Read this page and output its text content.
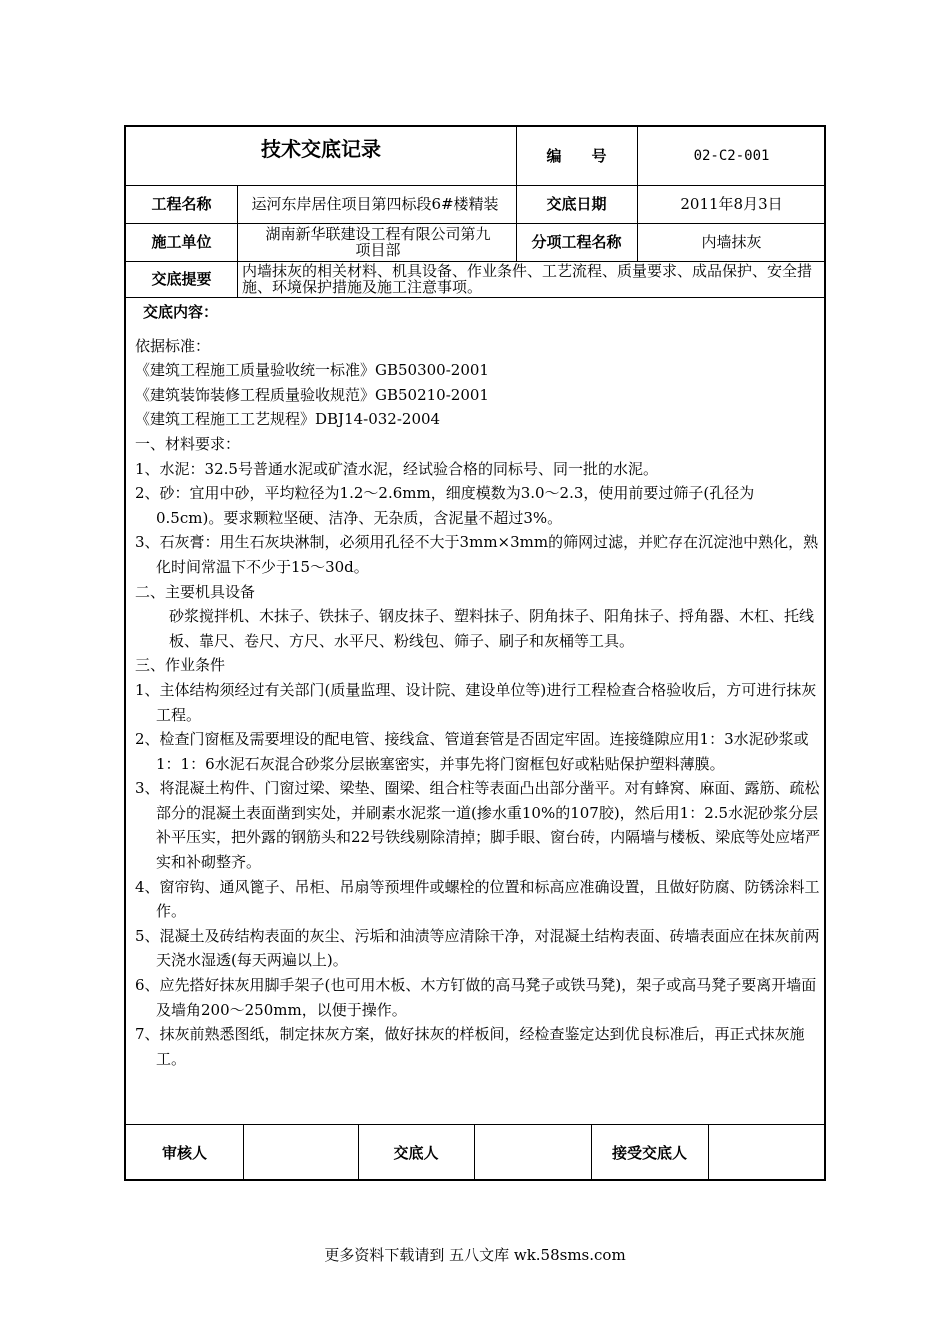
技术交底记录	编　　号	02-C2-001
工程名称	运河东岸居住项目第四标段6#楼精装	交底日期	2011年8月3日
施工单位	湖南新华联建设工程有限公司第九项目部	分项工程名称	内墙抹灰
交底提要	内墙抹灰的相关材料、机具设备、作业条件、工艺流程、质量要求、成品保护、安全措施、环境保护措施及施工注意事项。

交底内容：

依据标准：

《建筑工程施工质量验收统一标准》GB50300-2001

《建筑装饰装修工程质量验收规范》GB50210-2001

《建筑工程施工工艺规程》DBJ14-032-2004

一、材料要求：

1、水泥：32.5号普通水泥或矿渣水泥，经试验合格的同标号、同一批的水泥。

2、砂：宜用中砂，平均粒径为1.2～2.6mm，细度模数为3.0～2.3，使用前要过筛子(孔径为0.5cm)。要求颗粒坚硬、洁净、无杂质，含泥量不超过3%。

3、石灰膏：用生石灰块淋制，必须用孔径不大于3mm×3mm的筛网过滤，并贮存在沉淀池中熟化，熟化时间常温下不少于15～30d。

二、主要机具设备

砂浆搅拌机、木抹子、铁抹子、钢皮抹子、塑料抹子、阴角抹子、阳角抹子、捋角器、木杠、托线板、靠尺、卷尺、方尺、水平尺、粉线包、筛子、刷子和灰桶等工具。

三、作业条件

1、主体结构须经过有关部门(质量监理、设计院、建设单位等)进行工程检查合格验收后，方可进行抹灰工程。

2、检查门窗框及需要埋设的配电管、接线盒、管道套管是否固定牢固。连接缝隙应用1：3水泥砂浆或1：1：6水泥石灰混合砂浆分层嵌塞密实，并事先将门窗框包好或粘贴保护塑料薄膜。

3、将混凝土构件、门窗过梁、梁垫、圈梁、组合柱等表面凸出部分凿平。对有蜂窝、麻面、露筋、疏松部分的混凝土表面凿到实处，并刷素水泥浆一道(掺水重10%的107胶)，然后用1：2.5水泥砂浆分层补平压实，把外露的钢筋头和22号铁线剔除清掉；脚手眼、窗台砖，内隔墙与楼板、梁底等处应堵严实和补砌整齐。

4、窗帘钩、通风篦子、吊柜、吊扇等预埋件或螺栓的位置和标高应准确设置，且做好防腐、防锈涂料工作。

5、混凝土及砖结构表面的灰尘、污垢和油渍等应清除干净，对混凝土结构表面、砖墙表面应在抹灰前两天浇水湿透(每天两遍以上)。

6、应先搭好抹灰用脚手架子(也可用木板、木方钉做的高马凳子或铁马凳)，架子或高马凳子要离开墙面及墙角200～250mm，以便于操作。

7、抹灰前熟悉图纸，制定抹灰方案，做好抹灰的样板间，经检查鉴定达到优良标准后，再正式抹灰施工。

审核人	交底人	接受交底人
更多资料下载请到 五八文库 wk.58sms.com
